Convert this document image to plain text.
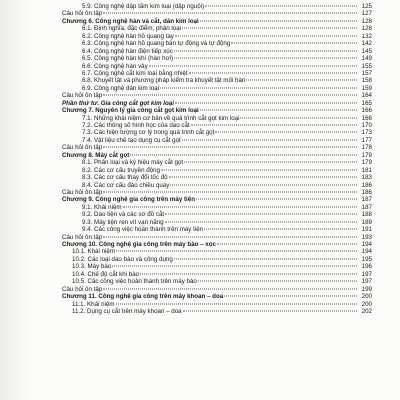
5.9. Công nghệ dập tấm kim loại (dập nguội)	125
Câu hỏi ôn tập	127
Chương 6. Công nghệ hàn và cắt, dán kim loại	128
6.1. Định nghĩa, đặc điểm, phân loại	128
6.2. Công nghệ hàn hồ quang tay	132
6.3. Công nghệ hàn hồ quang bán tự động và tự động	142
6.4. Công nghệ hàn điện tiếp xúc	145
6.5. Công nghệ hàn khí (hàn hơi)	149
6.6. Công nghệ hàn vảy	155
6.7. Công nghệ cắt kim loại bằng nhiệt	157
6.8. Khuyết tật và phương pháp kiểm tra khuyết tật mối hàn	158
6.9. Công nghệ dán kim loại	159
Câu hỏi ôn tập	164
Phần thứ tư. Gia công cắt gọt kim loại	165
Chương 7. Nguyên lý gia công cắt gọt kim loại	166
7.1. Những khái niệm cơ bản về quá trình cắt gọt kim loại	166
7.2. Các thông số hình học của dao cắt	170
7.3. Các hiện tượng cơ lý trong quá trình cắt gọt	173
7.4. Vật liệu chế tạo dụng cụ cắt gọt	177
Câu hỏi ôn tập	178
Chương 8. Máy cắt gọt	179
8.1. Phân loại và ký hiệu máy cắt gọt	179
8.2. Các cơ cấu truyền động	181
8.3. Các cơ cấu thay đổi tốc độ	183
8.4. Các cơ cấu đảo chiều quay	186
Câu hỏi ôn tập	186
Chương 9. Công nghệ gia công trên máy tiện	187
9.1. Khái niệm	187
9.2. Dao tiện và các sơ đồ cắt	188
9.3. Máy tiện ren vít vạn năng	189
9.4. Các công việc hoàn thành trên máy tiện	191
Câu hỏi ôn tập	193
Chương 10. Công nghệ gia công trên máy bào – xọc	194
10.1. Khái niệm	194
10.2. Các loại dao bào và công dụng	195
10.3. Máy bào	196
10.4. Chế độ cắt khi bào	197
10.5. Các công việc hoàn thành trên máy bào	197
Câu hỏi ôn tập	199
Chương 11. Công nghệ gia công trên máy khoan – doa	200
11.1. Khái niệm	200
11.2. Dụng cụ cắt trên máy khoan – doa	202
